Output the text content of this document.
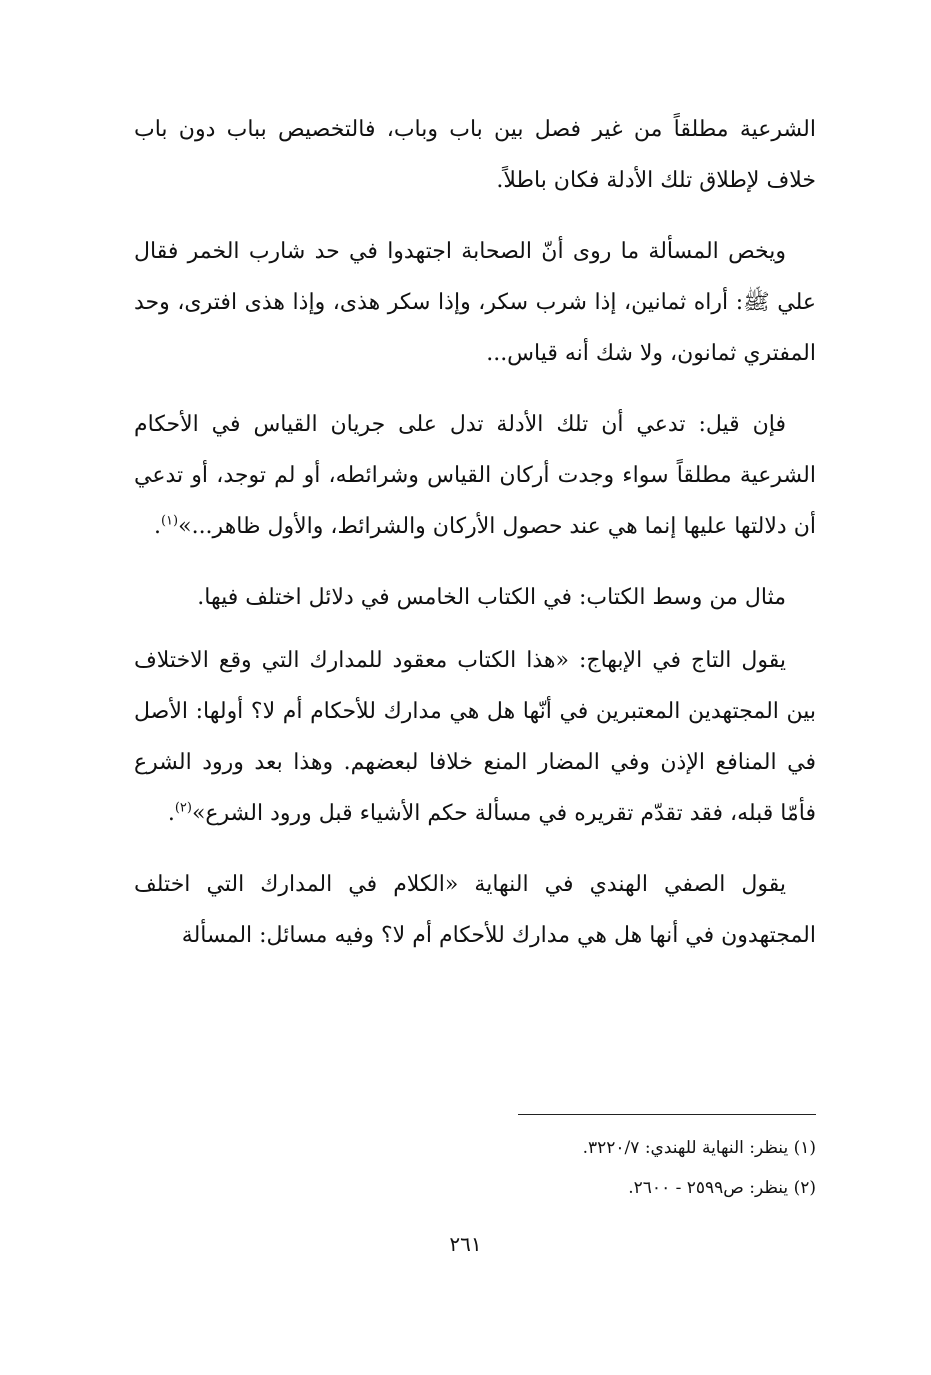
الشرعية مطلقاً من غير فصل بين باب وباب، فالتخصيص بباب دون باب خلاف لإطلاق تلك الأدلة فكان باطلاً.

ويخص المسألة ما روى أنّ الصحابة اجتهدوا في حد شارب الخمر فقال علي ﷺ: أراه ثمانين، إذا شرب سكر، وإذا سكر هذى، وإذا هذى افترى، وحد المفتري ثمانون، ولا شك أنه قياس...

فإن قيل: تدعي أن تلك الأدلة تدل على جريان القياس في الأحكام الشرعية مطلقاً سواء وجدت أركان القياس وشرائطه، أو لم توجد، أو تدعي أن دلالتها عليها إنما هي عند حصول الأركان والشرائط، والأول ظاهر...»$^{(١)}$.

مثال من وسط الكتاب: في الكتاب الخامس في دلائل اختلف فيها.

يقول التاج في الإبهاج: «هذا الكتاب معقود للمدارك التي وقع الاختلاف بين المجتهدين المعتبرين في أنّها هل هي مدارك للأحكام أم لا؟ أولها: الأصل في المنافع الإذن وفي المضار المنع خلافا لبعضهم. وهذا بعد ورود الشرع فأمّا قبله، فقد تقدّم تقريره في مسألة حكم الأشياء قبل ورود الشرع»$^{(٢)}$.

يقول الصفي الهندي في النهاية «الكلام في المدارك التي اختلف المجتهدون في أنها هل هي مدارك للأحكام أم لا؟ وفيه مسائل: المسألة

(١) ينظر: النهاية للهندي: ٣٢٢٠/٧.

(٢) ينظر: ص٢٥٩٩ - ٢٦٠٠.

٢٦١
